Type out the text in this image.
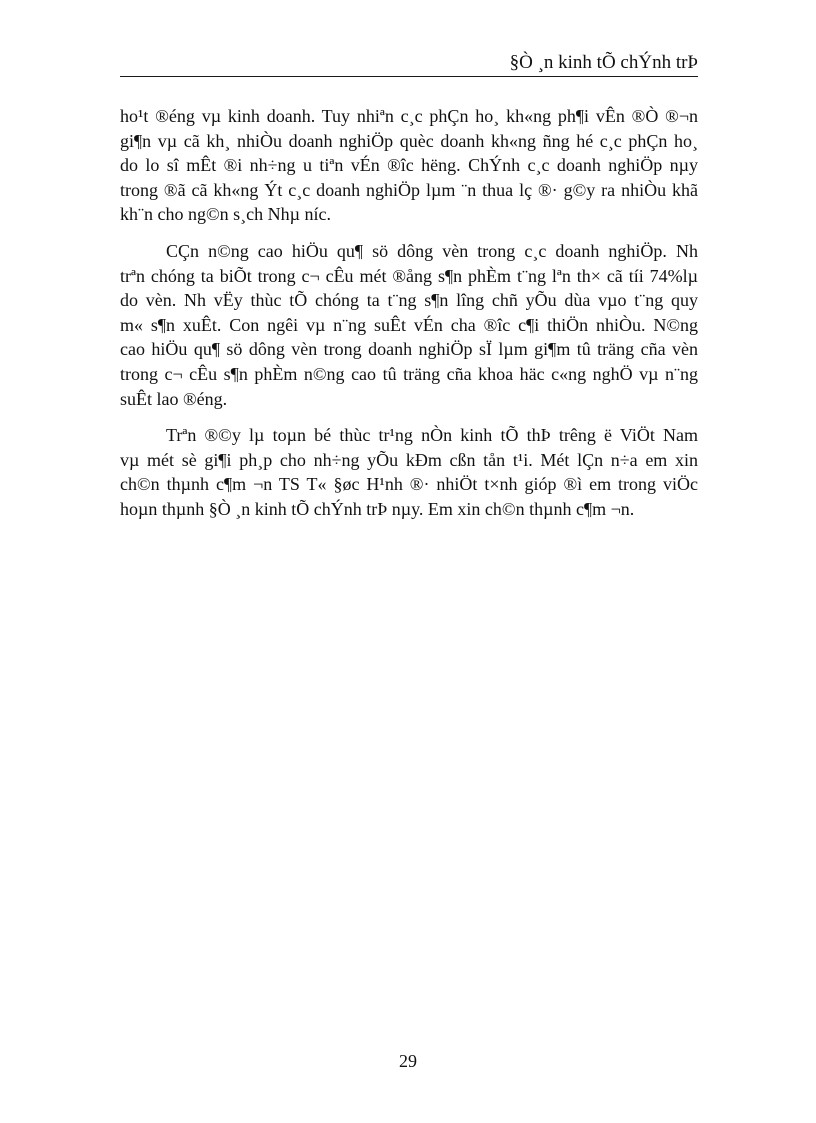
§Ò ¸n kinh tÕ chÝnh trÞ

ho¹t ®éng vµ kinh doanh. Tuy nhiªn c¸c phÇn ho¸ kh«ng ph¶i vÊn ®Ò ®¬n
gi¶n vµ cã kh¸ nhiÒu doanh nghiÖp quèc doanh kh«ng ñng hé c¸c phÇn ho¸
do lo sî mÊt ®i nh÷ng u tiªn vÉn ®îc hëng. ChÝnh c¸c doanh nghiÖp nµy
trong ®ã cã kh«ng Ýt c¸c doanh nghiÖp lµm ¨n thua lç ®· g©y ra nhiÒu khã
kh¨n cho ng©n s¸ch Nhµ níc.

CÇn n©ng cao hiÖu qu¶ sö dông vèn trong c¸c doanh nghiÖp. Nh
trªn chóng ta biÕt trong c¬ cÊu mét ®ång s¶n phÈm t¨ng lªn th× cã tíi 74%lµ
do vèn. Nh vËy thùc tÕ chóng ta t¨ng s¶n lîng chñ yÕu dùa vµo t¨ng quy
m« s¶n xuÊt. Con ngêi vµ n¨ng suÊt vÉn cha ®îc c¶i thiÖn nhiÒu. N©ng
cao hiÖu qu¶ sö dông vèn trong doanh nghiÖp sÏ lµm gi¶m tû träng cña vèn
trong c¬ cÊu s¶n phÈm n©ng cao tû träng cña khoa häc c«ng nghÖ vµ n¨ng
suÊt lao ®éng.

Trªn ®©y lµ toµn bé thùc tr¹ng nÒn kinh tÕ thÞ trêng ë ViÖt Nam
vµ mét sè gi¶i ph¸p cho nh÷ng yÕu kÐm cßn tån t¹i. Mét lÇn n÷a em xin
ch©n thµnh c¶m ¬n TS T« §øc H¹nh ®· nhiÖt t×nh gióp ®ì em trong viÖc
hoµn thµnh §Ò ¸n kinh tÕ chÝnh trÞ nµy. Em xin ch©n thµnh c¶m ¬n.

29
